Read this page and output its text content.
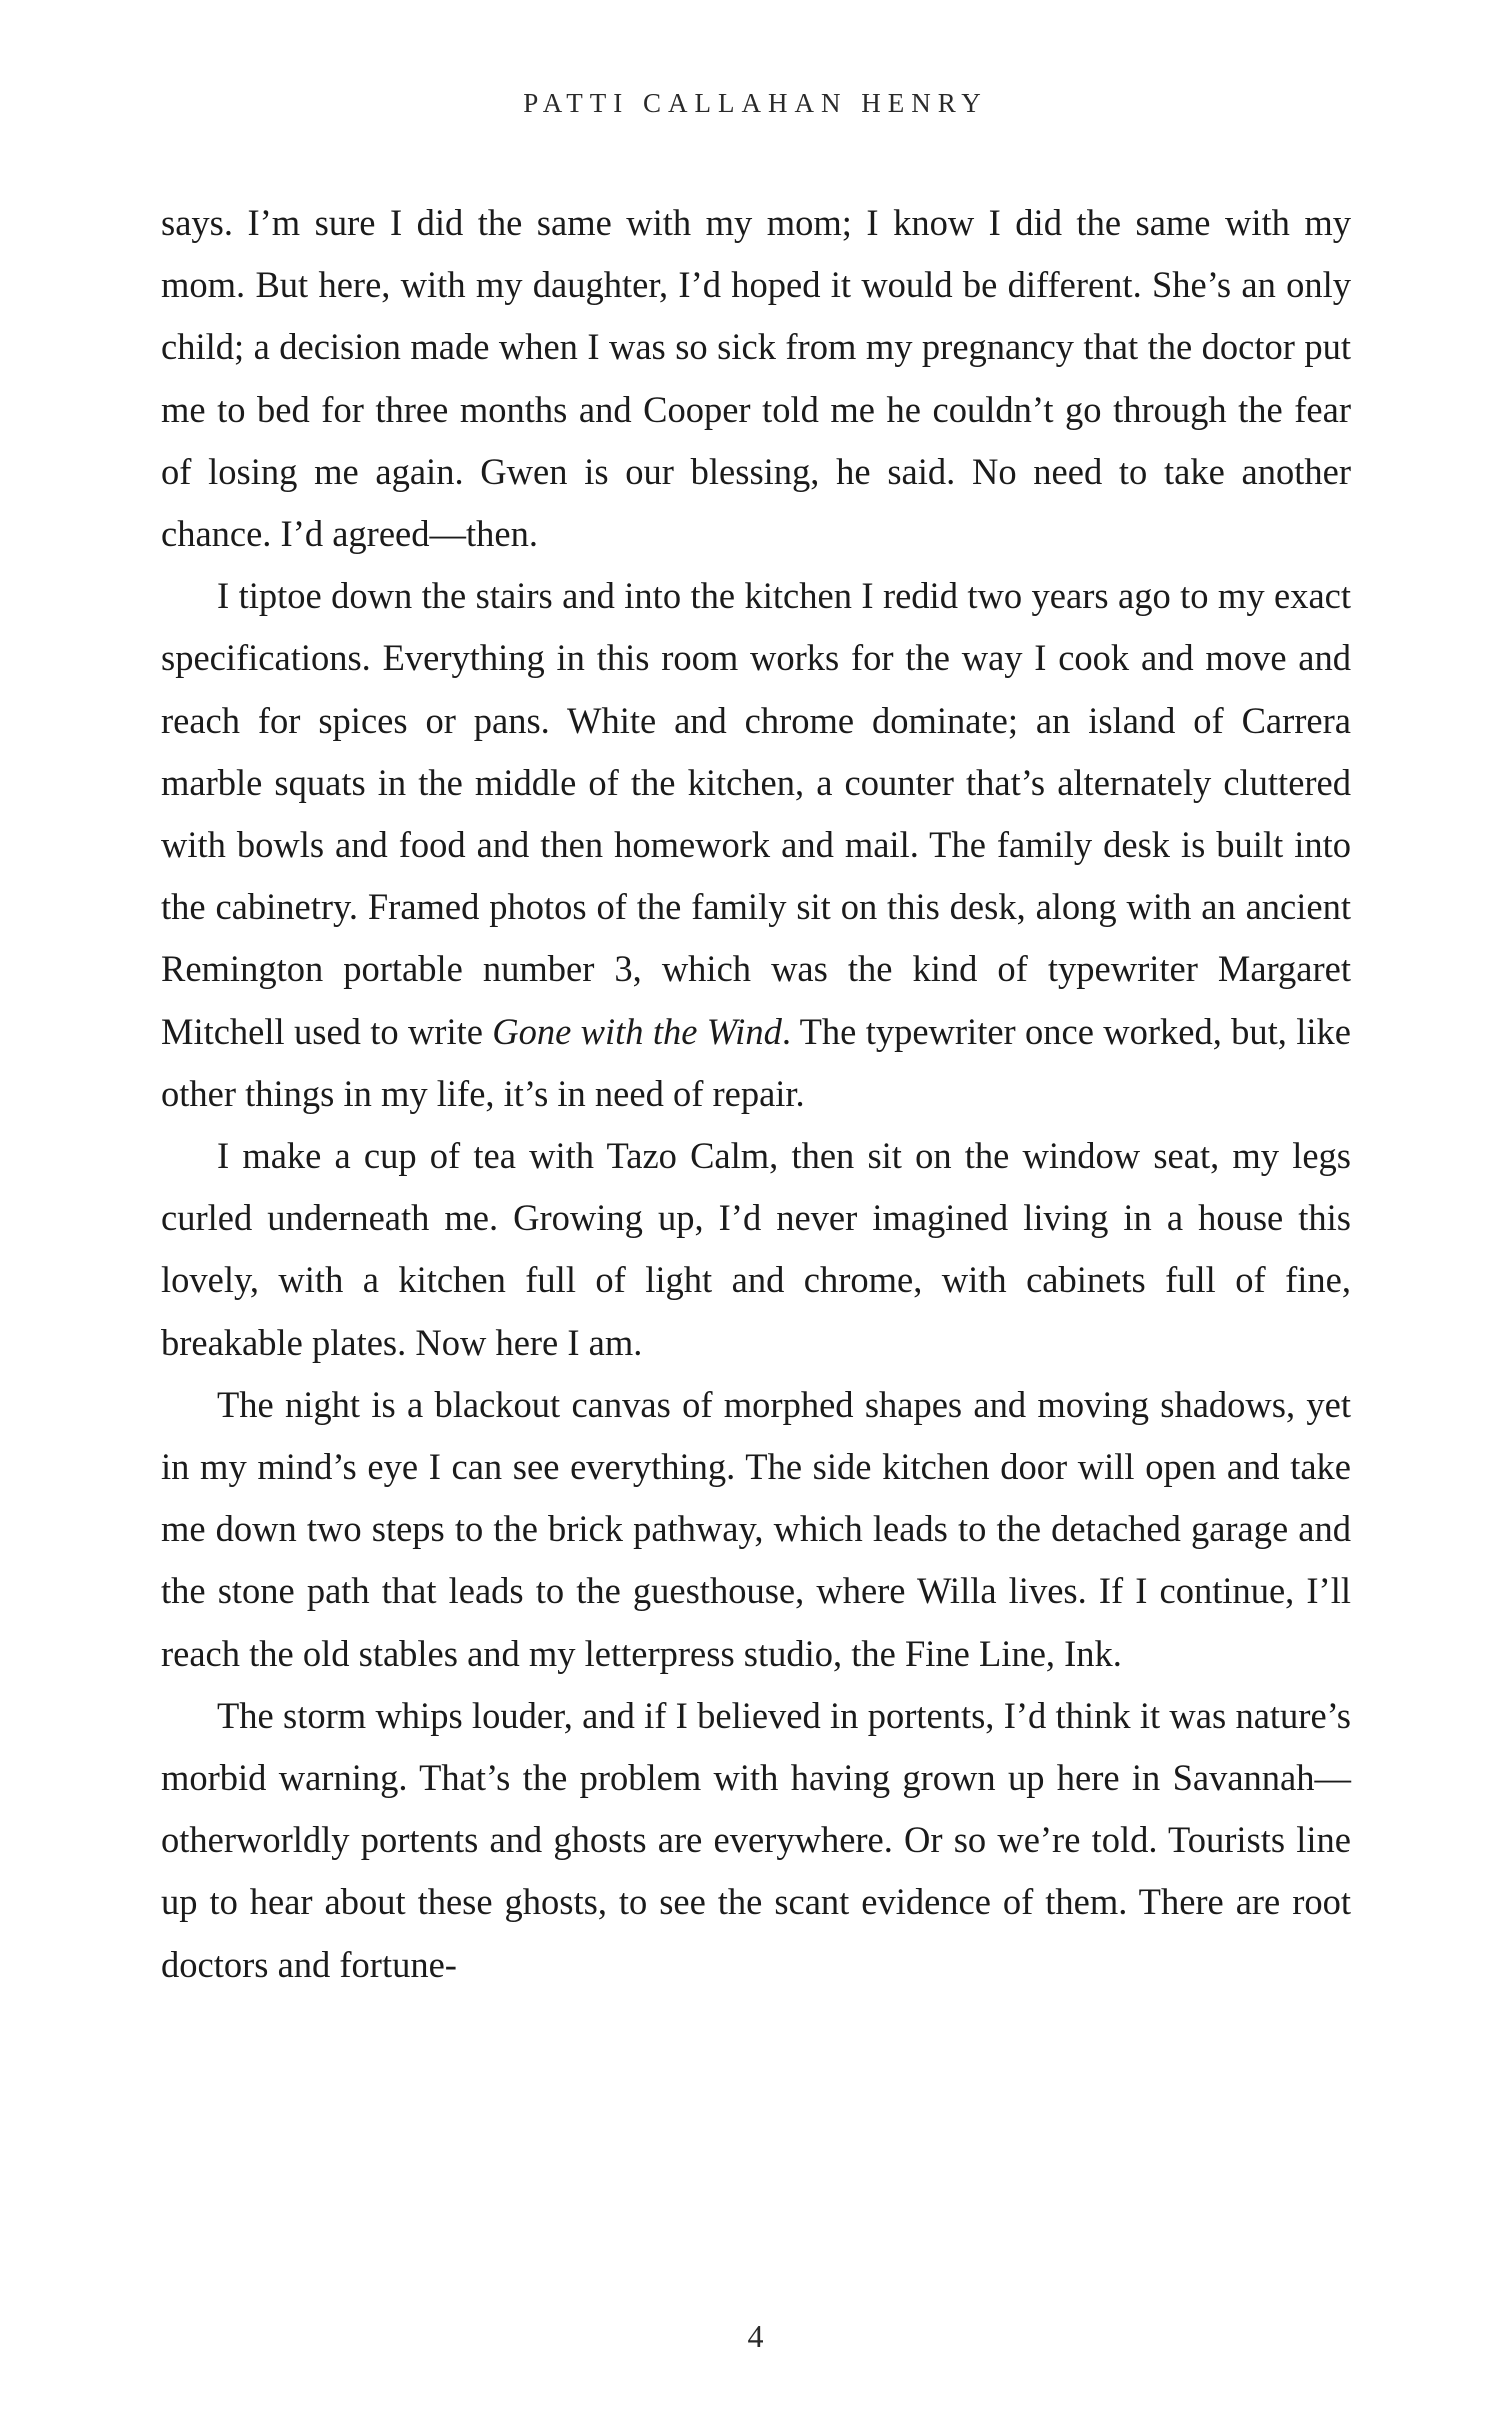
PATTI CALLAHAN HENRY

says. I’m sure I did the same with my mom; I know I did the same with my mom. But here, with my daughter, I’d hoped it would be different. She’s an only child; a decision made when I was so sick from my pregnancy that the doctor put me to bed for three months and Cooper told me he couldn’t go through the fear of losing me again. Gwen is our blessing, he said. No need to take another chance. I’d agreed—then.

I tiptoe down the stairs and into the kitchen I redid two years ago to my exact specifications. Everything in this room works for the way I cook and move and reach for spices or pans. White and chrome dominate; an island of Carrera marble squats in the middle of the kitchen, a counter that’s alternately cluttered with bowls and food and then homework and mail. The family desk is built into the cabinetry. Framed photos of the family sit on this desk, along with an ancient Remington portable number 3, which was the kind of typewriter Margaret Mitchell used to write Gone with the Wind. The typewriter once worked, but, like other things in my life, it’s in need of repair.

I make a cup of tea with Tazo Calm, then sit on the window seat, my legs curled underneath me. Growing up, I’d never imagined living in a house this lovely, with a kitchen full of light and chrome, with cabinets full of fine, breakable plates. Now here I am.

The night is a blackout canvas of morphed shapes and moving shadows, yet in my mind’s eye I can see everything. The side kitchen door will open and take me down two steps to the brick pathway, which leads to the detached garage and the stone path that leads to the guesthouse, where Willa lives. If I continue, I’ll reach the old stables and my letterpress studio, the Fine Line, Ink.

The storm whips louder, and if I believed in portents, I’d think it was nature’s morbid warning. That’s the problem with having grown up here in Savannah—otherworldly portents and ghosts are everywhere. Or so we’re told. Tourists line up to hear about these ghosts, to see the scant evidence of them. There are root doctors and fortune-

4
